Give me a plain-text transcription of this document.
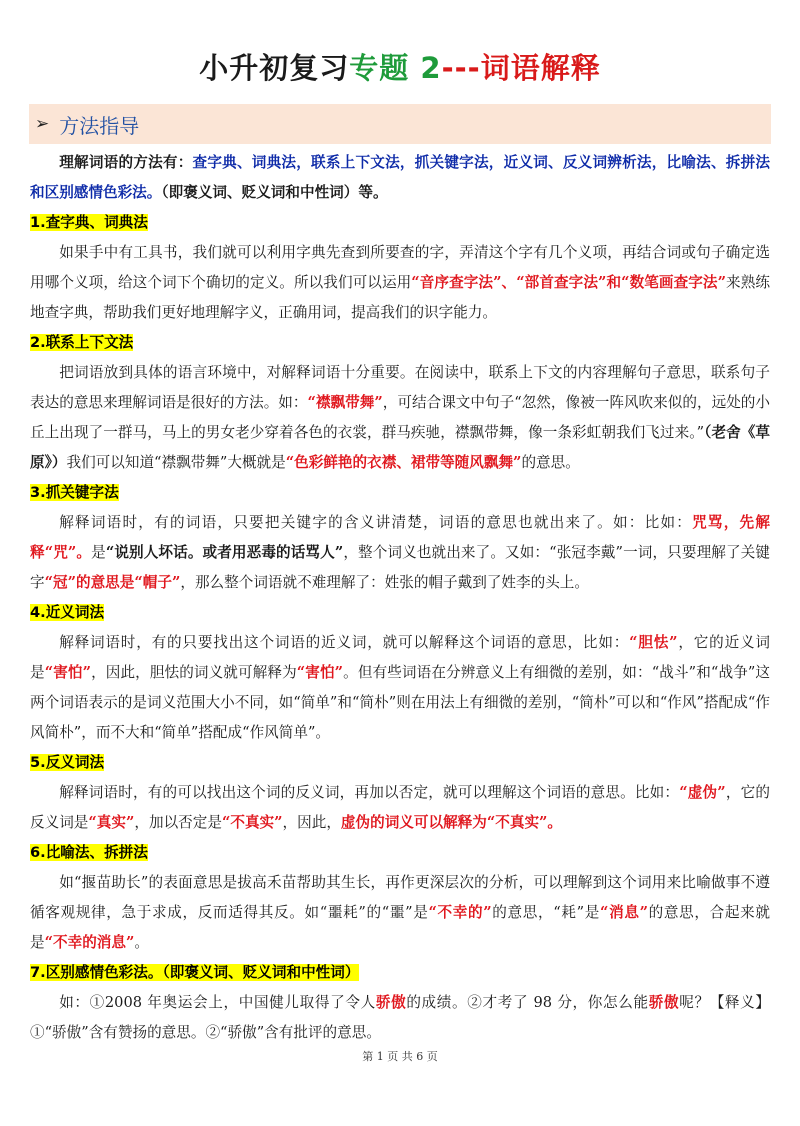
小升初复习专题 2---词语解释
➢ 方法指导

理解词语的方法有：查字典、词典法，联系上下文法，抓关键字法，近义词、反义词辨析法，比喻法、拆拼法和区别感情色彩法。（即褒义词、贬义词和中性词）等。

1.查字典、词典法

如果手中有工具书，我们就可以利用字典先查到所要查的字，弄清这个字有几个义项，再结合词或句子确定选用哪个义项，给这个词下个确切的定义。所以我们可以运用“音序查字法”、“部首查字法”和“数笔画查字法”来熟练地查字典，帮助我们更好地理解字义，正确用词，提高我们的识字能力。

2.联系上下文法

把词语放到具体的语言环境中，对解释词语十分重要。在阅读中，联系上下文的内容理解句子意思，联系句子表达的意思来理解词语是很好的方法。如：“襟飘带舞”，可结合课文中句子“忽然，像被一阵风吹来似的，远处的小丘上出现了一群马，马上的男女老少穿着各色的衣裳，群马疾驰，襟飘带舞，像一条彩虹朝我们飞过来。”（老舍《草原》）我们可以知道“襟飘带舞”大概就是“色彩鲜艳的衣襟、裙带等随风飘舞”的意思。

3.抓关键字法

解释词语时，有的词语，只要把关键字的含义讲清楚，词语的意思也就出来了。如：比如：咒骂，先解释“咒”。是“说别人坏话。或者用恶毒的话骂人”，整个词义也就出来了。又如：“张冠李戴”一词，只要理解了关键字“冠”的意思是“帽子”，那么整个词语就不难理解了：姓张的帽子戴到了姓李的头上。

4.近义词法

解释词语时，有的只要找出这个词语的近义词，就可以解释这个词语的意思，比如：“胆怯”，它的近义词是“害怕”，因此，胆怯的词义就可解释为“害怕”。但有些词语在分辨意义上有细微的差别，如：“战斗”和“战争”这两个词语表示的是词义范围大小不同，如“简单”和“简朴”则在用法上有细微的差别，“简朴”可以和“作风”搭配成“作风简朴”，而不大和“简单”搭配成“作风简单”。

5.反义词法

解释词语时，有的可以找出这个词的反义词，再加以否定，就可以理解这个词语的意思。比如：“虚伪”，它的反义词是“真实”，加以否定是“不真实”，因此，虚伪的词义可以解释为“不真实”。

6.比喻法、拆拼法

如“揠苗助长”的表面意思是拔高禾苗帮助其生长，再作更深层次的分析，可以理解到这个词用来比喻做事不遵循客观规律，急于求成，反而适得其反。如“噩耗”的“噩”是“不幸的”的意思，“耗”是“消息”的意思，合起来就是“不幸的消息”。

7.区别感情色彩法。（即褒义词、贬义词和中性词）

如：①2008 年奥运会上，中国健儿取得了令人骄傲的成绩。②才考了 98 分，你怎么能骄傲呢？【释义】①“骄傲”含有赞扬的意思。②“骄傲”含有批评的意思。

第 1 页 共 6 页
